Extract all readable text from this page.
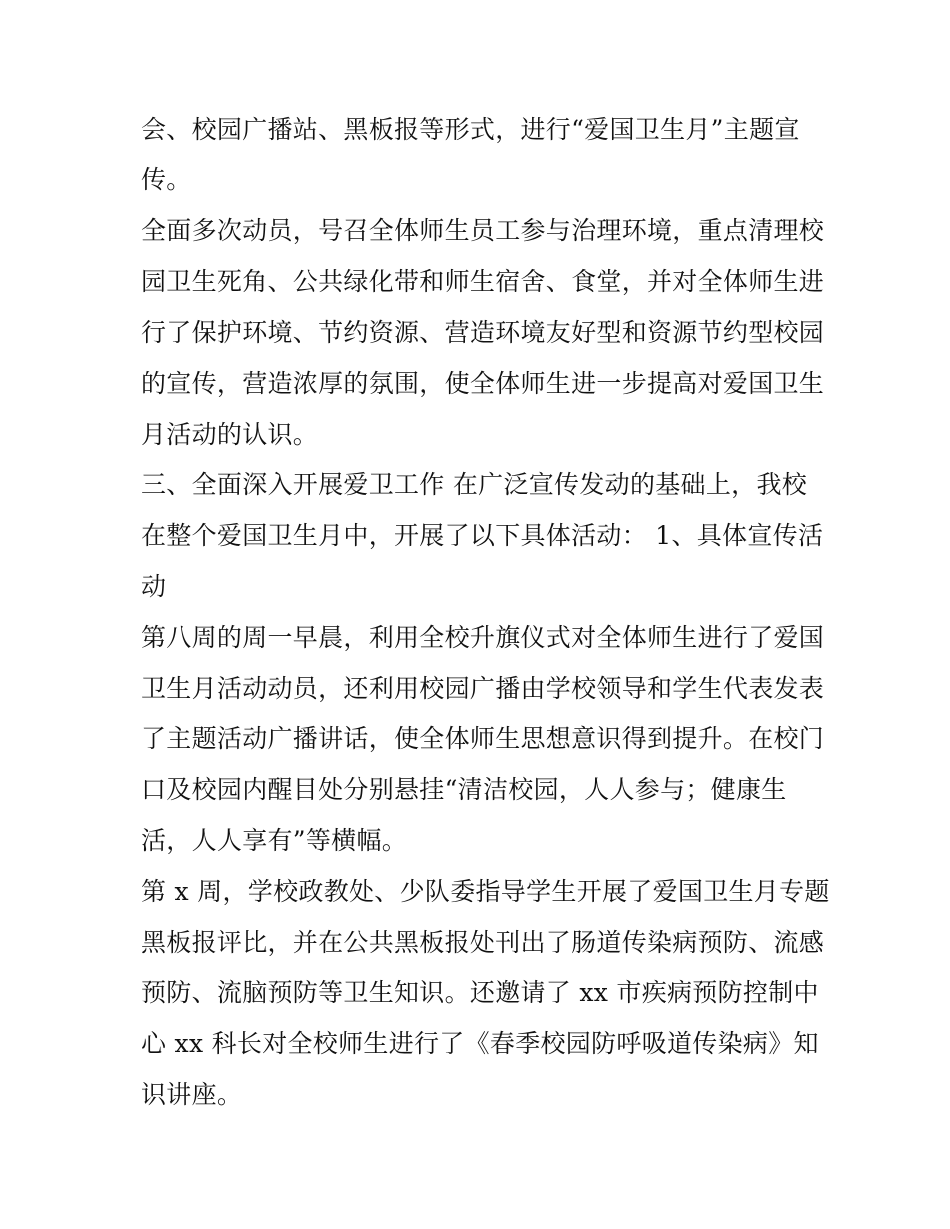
会、校园广播站、黑板报等形式，进行“爱国卫生月”主题宣
传。
全面多次动员，号召全体师生员工参与治理环境，重点清理校
园卫生死角、公共绿化带和师生宿舍、食堂，并对全体师生进
行了保护环境、节约资源、营造环境友好型和资源节约型校园
的宣传，营造浓厚的氛围，使全体师生进一步提高对爱国卫生
月活动的认识。
三、全面深入开展爱卫工作 在广泛宣传发动的基础上，我校
在整个爱国卫生月中，开展了以下具体活动： 1、具体宣传活
动
第八周的周一早晨，利用全校升旗仪式对全体师生进行了爱国
卫生月活动动员，还利用校园广播由学校领导和学生代表发表
了主题活动广播讲话，使全体师生思想意识得到提升。在校门
口及校园内醒目处分别悬挂“清洁校园，人人参与；健康生
活，人人享有”等横幅。
第 x 周，学校政教处、少队委指导学生开展了爱国卫生月专题
黑板报评比，并在公共黑板报处刊出了肠道传染病预防、流感
预防、流脑预防等卫生知识。还邀请了 xx 市疾病预防控制中
心 xx 科长对全校师生进行了《春季校园防呼吸道传染病》知
识讲座。
